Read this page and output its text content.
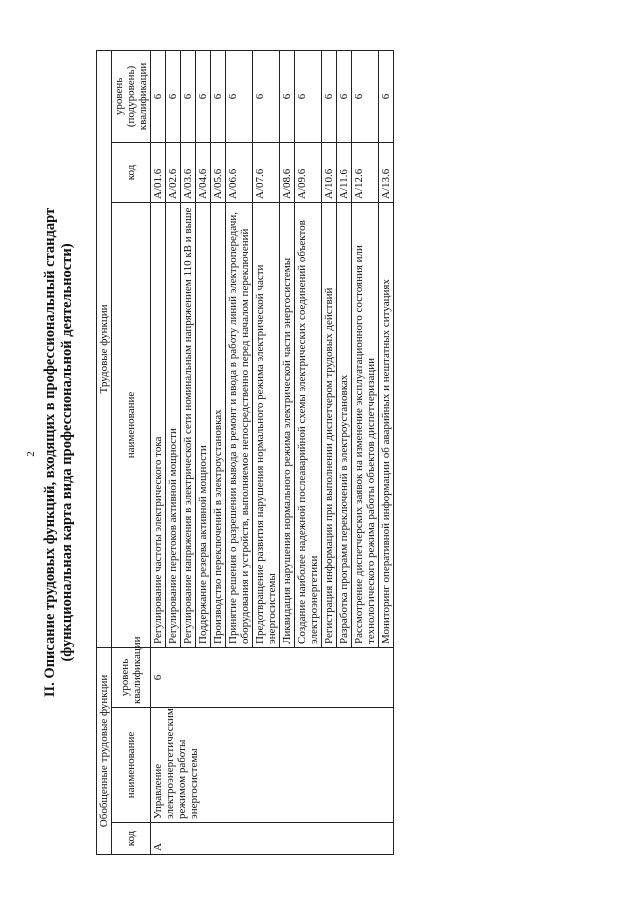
2 II. Описание трудовых функций, входящих в профессиональный стандарт (функциональная карта вида профессиональной деятельности)
Обобщенные трудовые функции			Трудовые функции		
код	наименование	уровень квалификации	наименование	код	уровень (подуровень) квалификации
A	Управление электроэнергетическим режимом работы энергосистемы	6	Регулирование частоты электрического тока	A/01.6	6
			Регулирование перетоков активной мощности	A/02.6	6
			Регулирование напряжения в электрической сети номинальным напряжением 110 кВ и выше	A/03.6	6
			Поддержание резерва активной мощности	A/04.6	6
			Производство переключений в электроустановках	A/05.6	6
			Принятие решения о разрешении вывода в ремонт и ввода в работу линий электропередачи, оборудования и устройств, выполняемое непосредственно перед началом переключений	A/06.6	6
			Предотвращение развития нарушения нормального режима электрической части энергосистемы	A/07.6	6
			Ликвидация нарушения нормального режима электрической части энергосистемы	A/08.6	6
			Создание наиболее надежной послеаварийной схемы электрических соединений объектов электроэнергетики	A/09.6	6
			Регистрация информации при выполнении диспетчером трудовых действий	A/10.6	6
			Разработка программ переключений в электроустановках	A/11.6	6
			Рассмотрение диспетчерских заявок на изменение эксплуатационного состояния или технологического режима работы объектов диспетчеризации	A/12.6	6
			Мониторинг оперативной информации об аварийных и нештатных ситуациях	A/13.6	6
